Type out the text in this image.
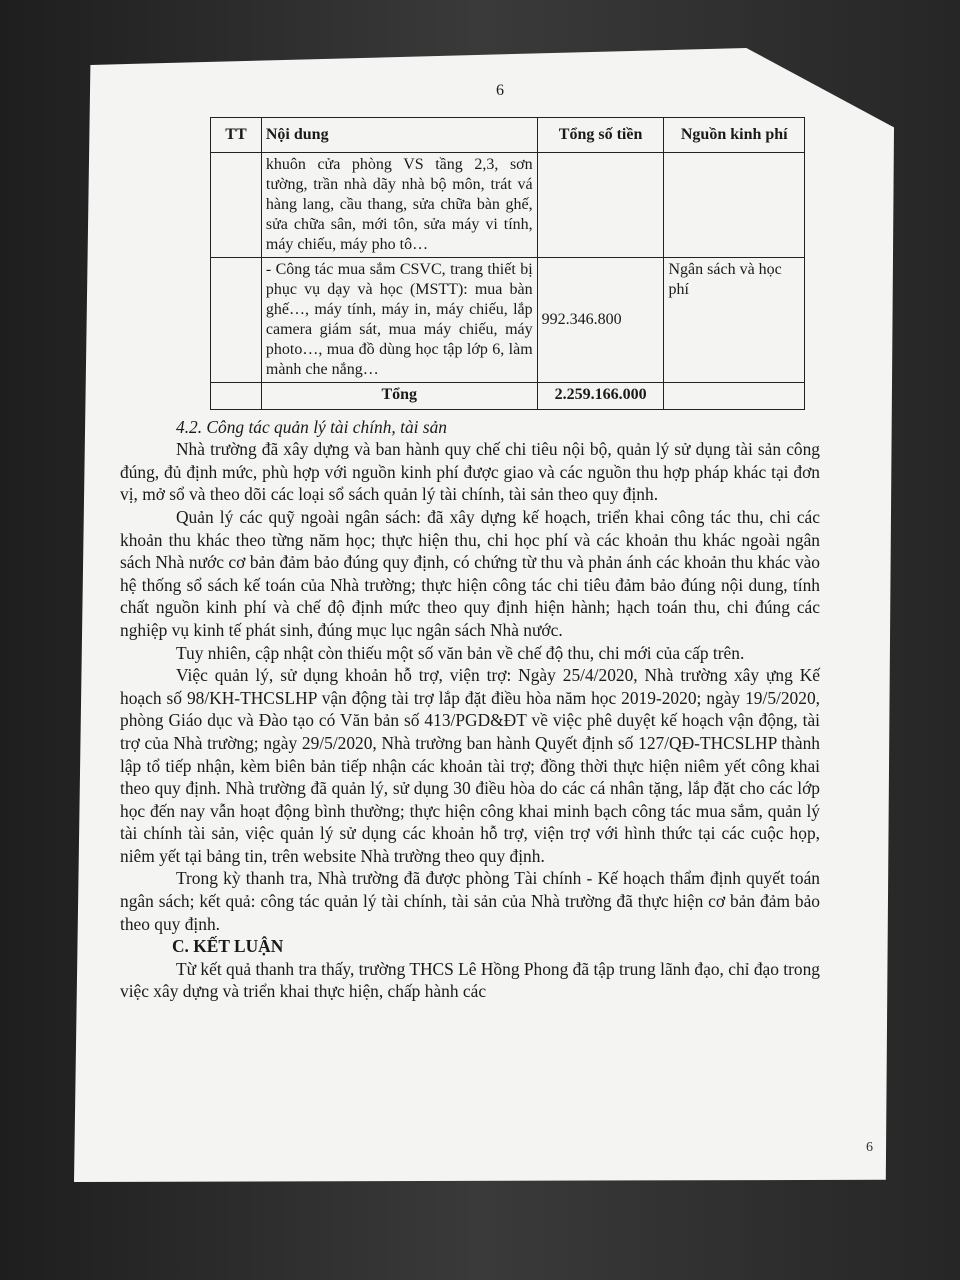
6
TT	Nội dung	Tổng số tiền	Nguồn kinh phí
	khuôn cửa phòng VS tầng 2,3, sơn tường, trần nhà dãy nhà bộ môn, trát vá hàng lang, cầu thang, sửa chữa bàn ghế, sửa chữa sân, mới tôn, sửa máy vi tính, máy chiếu, máy pho tô…		
	- Công tác mua sắm CSVC, trang thiết bị phục vụ dạy và học (MSTT): mua bàn ghế…, máy tính, máy in, máy chiếu, lắp camera giám sát, mua máy chiếu, máy photo…, mua đồ dùng học tập lớp 6, làm mành che nắng…	992.346.800	Ngân sách và học phí
	Tổng	2.259.166.000	
4.2. Công tác quản lý tài chính, tài sản

Nhà trường đã xây dựng và ban hành quy chế chi tiêu nội bộ, quản lý sử dụng tài sản công đúng, đủ định mức, phù hợp với nguồn kinh phí được giao và các nguồn thu hợp pháp khác tại đơn vị, mở sổ và theo dõi các loại sổ sách quản lý tài chính, tài sản theo quy định.

Quản lý các quỹ ngoài ngân sách: đã xây dựng kế hoạch, triển khai công tác thu, chi các khoản thu khác theo từng năm học; thực hiện thu, chi học phí và các khoản thu khác ngoài ngân sách Nhà nước cơ bản đảm bảo đúng quy định, có chứng từ thu và phản ánh các khoản thu khác vào hệ thống sổ sách kế toán của Nhà trường; thực hiện công tác chi tiêu đảm bảo đúng nội dung, tính chất nguồn kinh phí và chế độ định mức theo quy định hiện hành; hạch toán thu, chi đúng các nghiệp vụ kinh tế phát sinh, đúng mục lục ngân sách Nhà nước.

Tuy nhiên, cập nhật còn thiếu một số văn bản về chế độ thu, chi mới của cấp trên.

Việc quản lý, sử dụng khoản hỗ trợ, viện trợ: Ngày 25/4/2020, Nhà trường xây ựng Kế hoạch số 98/KH-THCSLHP vận động tài trợ lắp đặt điều hòa năm học 2019-2020; ngày 19/5/2020, phòng Giáo dục và Đào tạo có Văn bản số 413/PGD&ĐT về việc phê duyệt kế hoạch vận động, tài trợ của Nhà trường; ngày 29/5/2020, Nhà trường ban hành Quyết định số 127/QĐ-THCSLHP thành lập tổ tiếp nhận, kèm biên bản tiếp nhận các khoản tài trợ; đồng thời thực hiện niêm yết công khai theo quy định. Nhà trường đã quản lý, sử dụng 30 điều hòa do các cá nhân tặng, lắp đặt cho các lớp học đến nay vẫn hoạt động bình thường; thực hiện công khai minh bạch công tác mua sắm, quản lý tài chính tài sản, việc quản lý sử dụng các khoản hỗ trợ, viện trợ với hình thức tại các cuộc họp, niêm yết tại bảng tin, trên website Nhà trường theo quy định.

Trong kỳ thanh tra, Nhà trường đã được phòng Tài chính - Kế hoạch thẩm định quyết toán ngân sách; kết quả: công tác quản lý tài chính, tài sản của Nhà trường đã thực hiện cơ bản đảm bảo theo quy định.

C. KẾT LUẬN

Từ kết quả thanh tra thấy, trường THCS Lê Hồng Phong đã tập trung lãnh đạo, chỉ đạo trong việc xây dựng và triển khai thực hiện, chấp hành các

6
